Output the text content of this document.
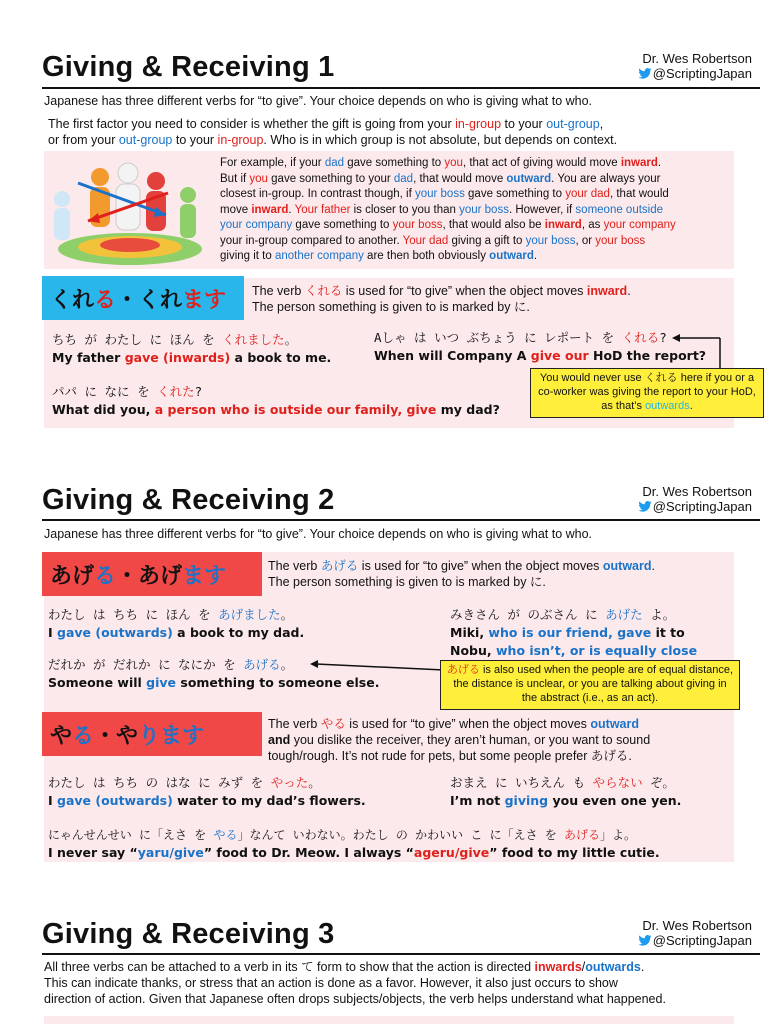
Giving & Receiving 1	Dr. Wes Robertson
@ScriptingJapan
Japanese has three different verbs for “to give”. Your choice depends on who is giving what to who.
The first factor you need to consider is whether the gift is going from your in-group to your out-group,
or from your out-group to your in-group. Who is in which group is not absolute, but depends on context.
For example, if your dad gave something to you, that act of giving would move inward.
But if you gave something to your dad, that would move outward. You are always your
closest in-group. In contrast though, if your boss gave something to your dad, that would
move inward. Your father is closer to you than your boss. However, if someone outside
your company gave something to your boss, that would also be inward, as your company
your in-group compared to another. Your dad giving a gift to your boss, or your boss
giving it to another company are then both obviously outward.
くれ る ・くれ ます The verb くれる is used for “to give” when the object moves inward.
The person something is given to is marked by に.
ちち が わたし に ほん を くれました。
My father gave (inwards) a book to me.
Aしゃ は いつ ぶちょう に レポート を くれる?
When will Company A give our HoD the report?
パパ に なに を くれた?
What did you, a person who is outside our family, give my dad?
You would never use くれる here if you or a co-worker was giving the report to your HoD, as that’s outwards.
Giving & Receiving 2	Dr. Wes Robertson
@ScriptingJapan
Japanese has three different verbs for “to give”. Your choice depends on who is giving what to who.
あげ る ・あげ ます	The verb あげる is used for “to give” when the object moves outward.
The person something is given to is marked by に.
わたし は ちち に ほん を あげました。
I gave (outwards) a book to my dad.
みきさん が のぶさん に あげた よ。
Miki, who is our friend, gave it to
Nobu, who isn’t, or is equally close
だれか が だれか に なにか を あげる。
Someone will give something to someone else.
あげる is also used when the people are of equal distance, the distance is unclear, or you are talking about giving in the abstract (i.e., as an act).
や る ・や ります	The verb やる is used for “to give” when the object moves outward
and you dislike the receiver, they aren’t human, or you want to sound
tough/rough. It’s not rude for pets, but some people prefer あげる.
わたし は ちち の はな に みず を やった。
I gave (outwards) water to my dad’s flowers.
おまえ に いちえん も やらない ぞ。
I’m not giving you even one yen.
にゃんせんせい に「えさ を やる」なんて いわない。わたし の かわいい こ に「えさ を あげる」よ。
I never say “yaru/give” food to Dr. Meow. I always “ageru/give” food to my little cutie.
Giving & Receiving 3	Dr. Wes Robertson
@ScriptingJapan
All three verbs can be attached to a verb in its て form to show that the action is directed inwards/outwards.
This can indicate thanks, or stress that an action is done as a favor. However, it also just occurs to show
direction of action. Given that Japanese often drops subjects/objects, the verb helps understand what happened.
